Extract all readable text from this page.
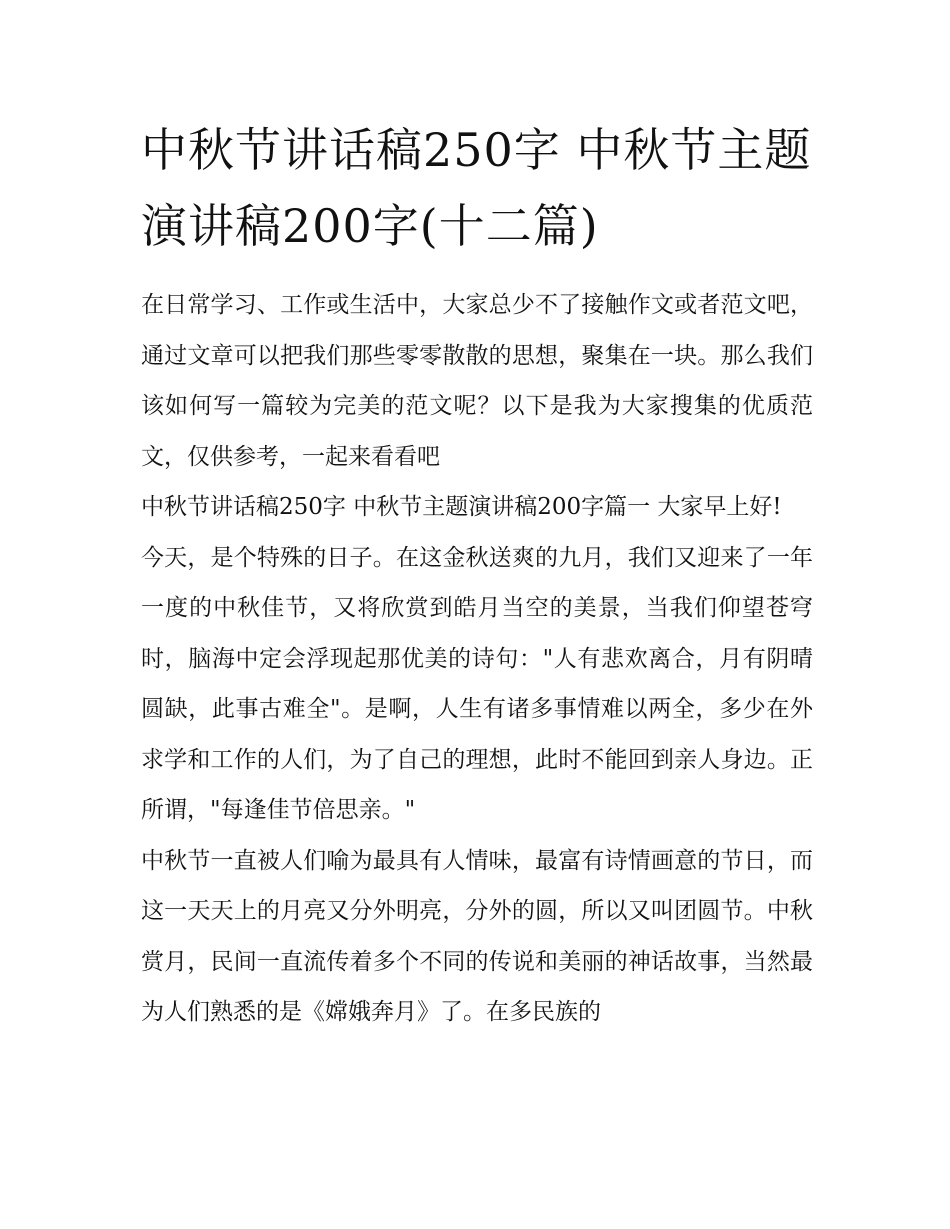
中秋节讲话稿250字 中秋节主题演讲稿200字(十二篇)

在日常学习、工作或生活中，大家总少不了接触作文或者范文吧，通过文章可以把我们那些零零散散的思想，聚集在一块。那么我们该如何写一篇较为完美的范文呢？以下是我为大家搜集的优质范文，仅供参考，一起来看看吧

中秋节讲话稿250字 中秋节主题演讲稿200字篇一 大家早上好!

今天，是个特殊的日子。在这金秋送爽的九月，我们又迎来了一年一度的中秋佳节，又将欣赏到皓月当空的美景，当我们仰望苍穹时，脑海中定会浮现起那优美的诗句："人有悲欢离合，月有阴晴圆缺，此事古难全"。是啊，人生有诸多事情难以两全，多少在外求学和工作的人们，为了自己的理想，此时不能回到亲人身边。正所谓，"每逢佳节倍思亲。"

中秋节一直被人们喻为最具有人情味，最富有诗情画意的节日，而这一天天上的月亮又分外明亮，分外的圆，所以又叫团圆节。中秋赏月，民间一直流传着多个不同的传说和美丽的神话故事，当然最为人们熟悉的是《嫦娥奔月》了。在多民族的
